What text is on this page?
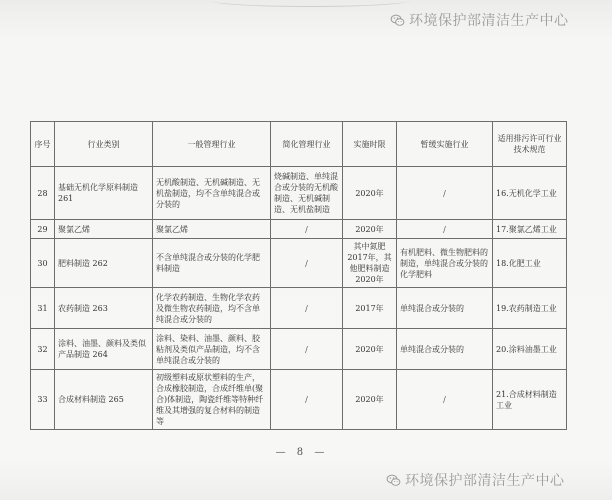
环境保护部清洁生产中心
序号	行业类别	一般管理行业	简化管理行业	实施时限	暂缓实施行业	适用排污许可行业技术规范
28	基础无机化学原料制造 261	无机酸制造、无机碱制造、无机盐制造，均不含单纯混合或分装的	烧碱制造、单纯混合或分装的无机酸制造、无机碱制造、无机盐制造	2020年	/	16.无机化学工业
29	聚氯乙烯	聚氯乙烯	/	2020年	/	17.聚氯乙烯工业
30	肥料制造 262	不含单纯混合或分装的化学肥料制造	/	其中氮肥2017年，其他肥料制造2020年	有机肥料、微生物肥料的制造，单纯混合或分装的化学肥料	18.化肥工业
31	农药制造 263	化学农药制造、生物化学农药及微生物农药制造，均不含单纯混合或分装的	/	2017年	单纯混合或分装的	19.农药制造工业
32	涂料、油墨、颜料及类似产品制造 264	涂料、染料、油墨、颜料、胶粘剂及类似产品制造，均不含单纯混合或分装的	/	2020年	单纯混合或分装的	20.涂料油墨工业
33	合成材料制造 265	初级塑料或原状塑料的生产，合成橡胶制造，合成纤维单(聚合)体制造，陶瓷纤维等特种纤维及其增强的复合材料的制造等	/	2020年	/	21.合成材料制造工业
— 8 —
环境保护部清洁生产中心
